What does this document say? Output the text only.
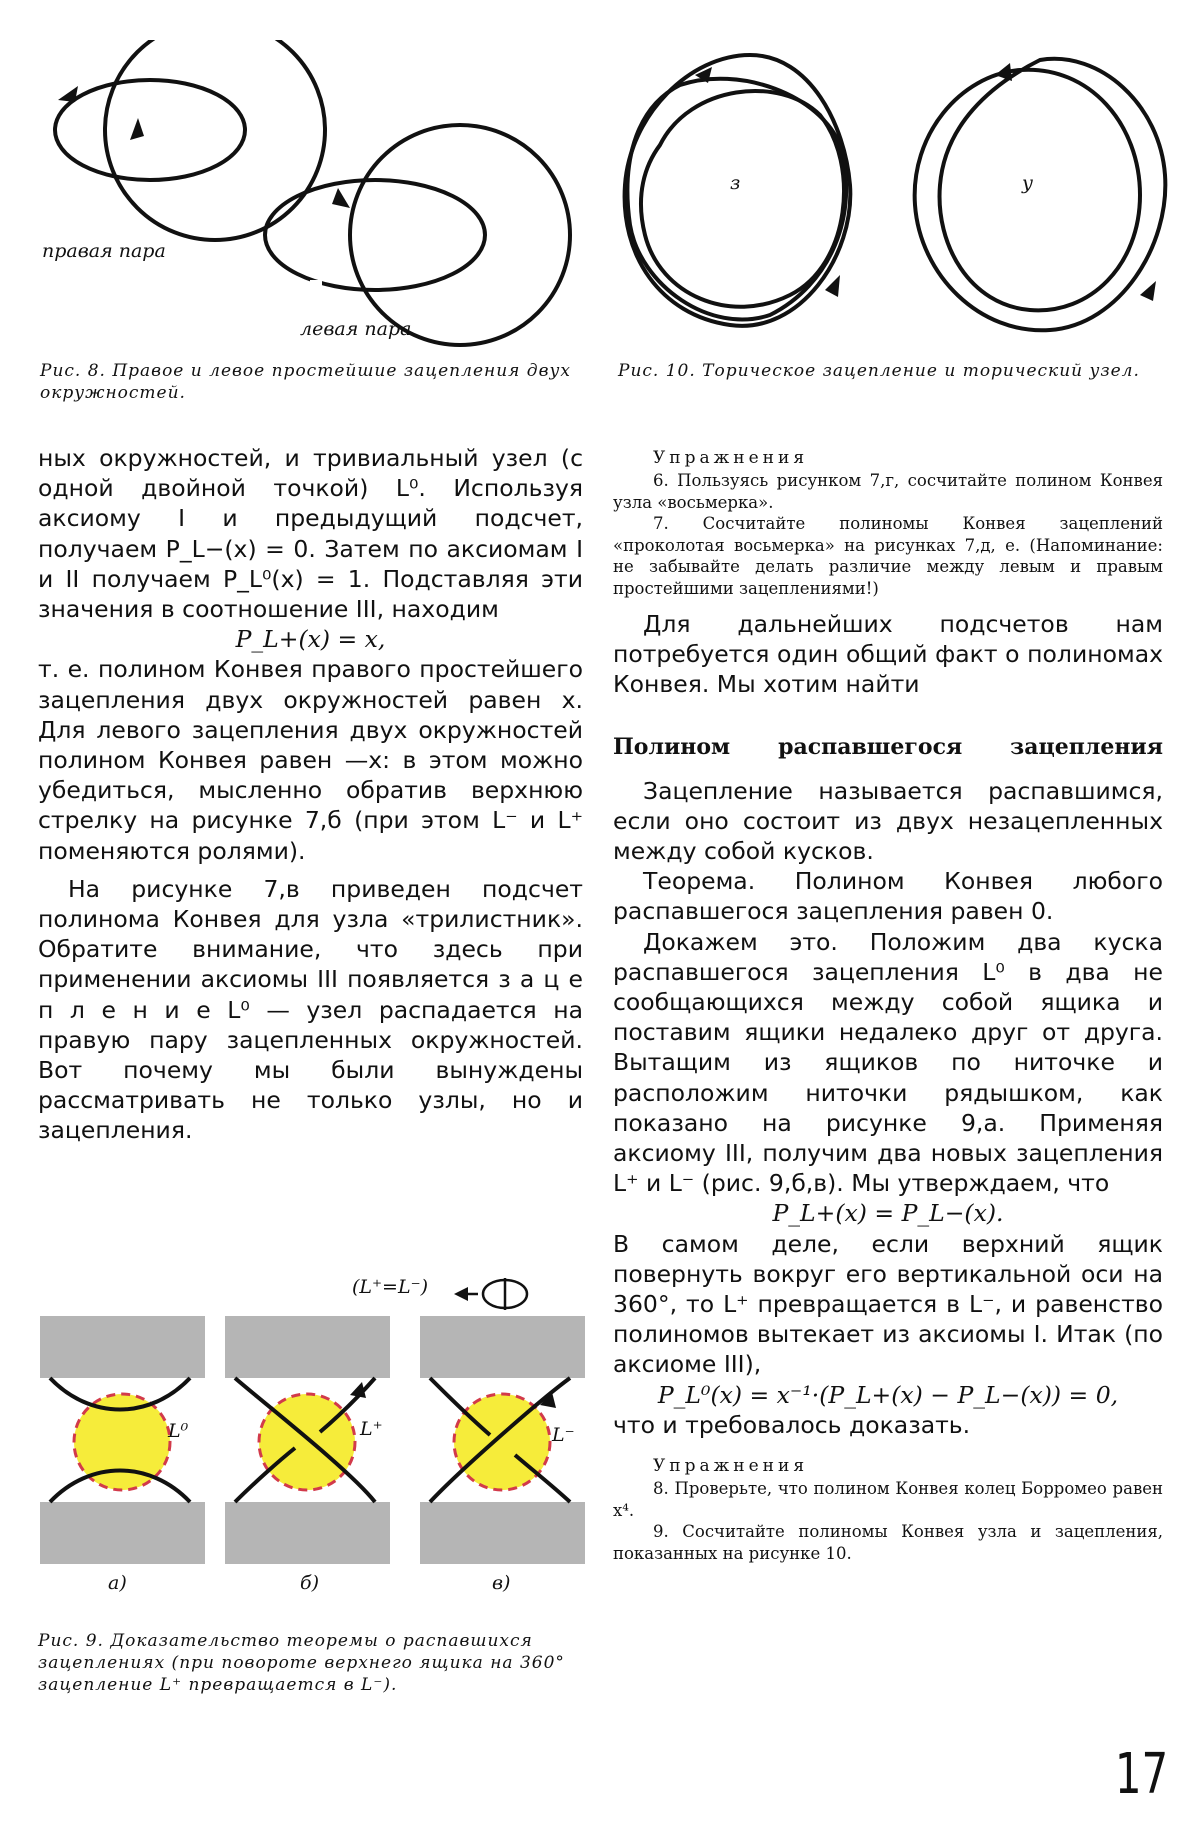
правая пара
левая пара
Рис. 8. Правое и левое простейшие зацепления двух окружностей.
з	у
Рис. 10. Торическое зацепление и торический узел.

ных окружностей, и тривиальный узел (с одной двойной точкой) L⁰. Используя аксиому I и предыдущий подсчет, получаем P_L−(x) = 0. Затем по аксиомам I и II получаем P_L⁰(x) = 1. Подставляя эти значения в соотношение III, находим

P_L+(x) = x,

т. е. полином Конвея правого простейшего зацепления двух окружностей равен x. Для левого зацепления двух окружностей полином Конвея равен —x: в этом можно убедиться, мысленно обратив верхнюю стрелку на рисунке 7,б (при этом L⁻ и L⁺ поменяются ролями).

На рисунке 7,в приведен подсчет полинома Конвея для узла «трилистник». Обратите внимание, что здесь при применении аксиомы III появляется з а ц е п л е н и е L⁰ — узел распадается на правую пару зацепленных окружностей. Вот почему мы были вынуждены рассматривать не только узлы, но и зацепления.

(L⁺=L⁻)
L⁰	L⁺	L⁻
а)	б)	в)
Рис. 9. Доказательство теоремы о распавшихся зацеплениях (при повороте верхнего ящика на 360° зацепление L⁺ превращается в L⁻).
Упражнения

6. Пользуясь рисунком 7,г, сосчитайте полином Конвея узла «восьмерка».

7. Сосчитайте полиномы Конвея зацеплений «проколотая восьмерка» на рисунках 7,д, е. (Напоминание: не забывайте делать различие между левым и правым простейшими зацеплениями!)

Для дальнейших подсчетов нам потребуется один общий факт о полиномах Конвея. Мы хотим найти

Полином распавшегося зацепления

Зацепление называется распавшимся, если оно состоит из двух незацепленных между собой кусков.

Теорема. Полином Конвея любого распавшегося зацепления равен 0.

Докажем это. Положим два куска распавшегося зацепления L⁰ в два не сообщающихся между собой ящика и поставим ящики недалеко друг от друга. Вытащим из ящиков по ниточке и расположим ниточки рядышком, как показано на рисунке 9,а. Применяя аксиому III, получим два новых зацепления L⁺ и L⁻ (рис. 9,б,в). Мы утверждаем, что

P_L+(x) = P_L−(x).

В самом деле, если верхний ящик повернуть вокруг его вертикальной оси на 360°, то L⁺ превращается в L⁻, и равенство полиномов вытекает из аксиомы I. Итак (по аксиоме III),

P_L⁰(x) = x⁻¹·(P_L+(x) − P_L−(x)) = 0,

что и требовалось доказать.

Упражнения

8. Проверьте, что полином Конвея колец Борромео равен x⁴.

9. Сосчитайте полиномы Конвея узла и зацепления, показанных на рисунке 10.

17
